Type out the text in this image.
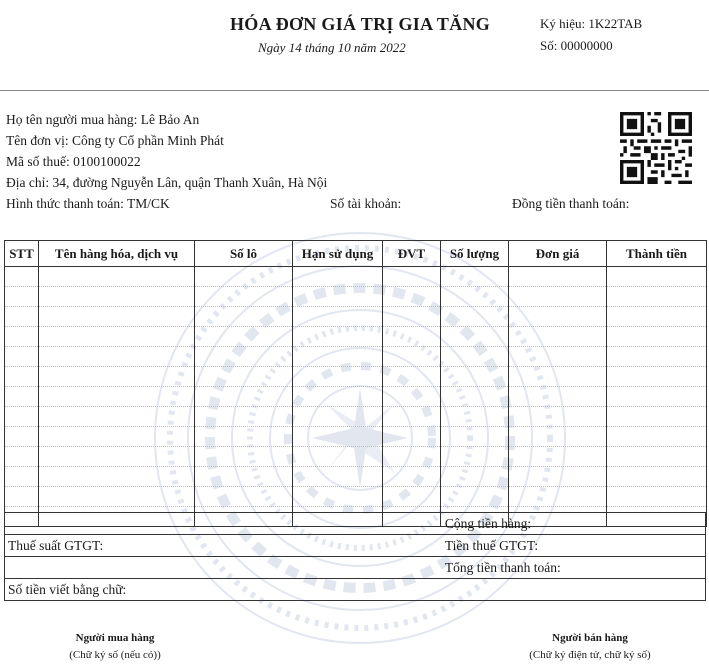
HÓA ĐƠN GIÁ TRỊ GIA TĂNG
Ngày 14 tháng 10 năm 2022
Ký hiệu: 1K22TAB
Số: 00000000
Họ tên người mua hàng: Lê Bảo An
Tên đơn vị: Công ty Cổ phần Minh Phát
Mã số thuế: 0100100022
Địa chỉ: 34, đường Nguyễn Lân, quận Thanh Xuân, Hà Nội
Hình thức thanh toán: TM/CK	Số tài khoản:	Đồng tiền thanh toán:
STT	Tên hàng hóa, dịch vụ	Số lô	Hạn sử dụng	ĐVT	Số lượng	Đơn giá	Thành tiền

	Cộng tiền hàng:
Thuế suất GTGT:	Tiền thuế GTGT:
	Tổng tiền thanh toán:
Số tiền viết bằng chữ:	
Người mua hàng
(Chữ ký số (nếu có))
Người bán hàng
(Chữ ký điện tử, chữ ký số)
